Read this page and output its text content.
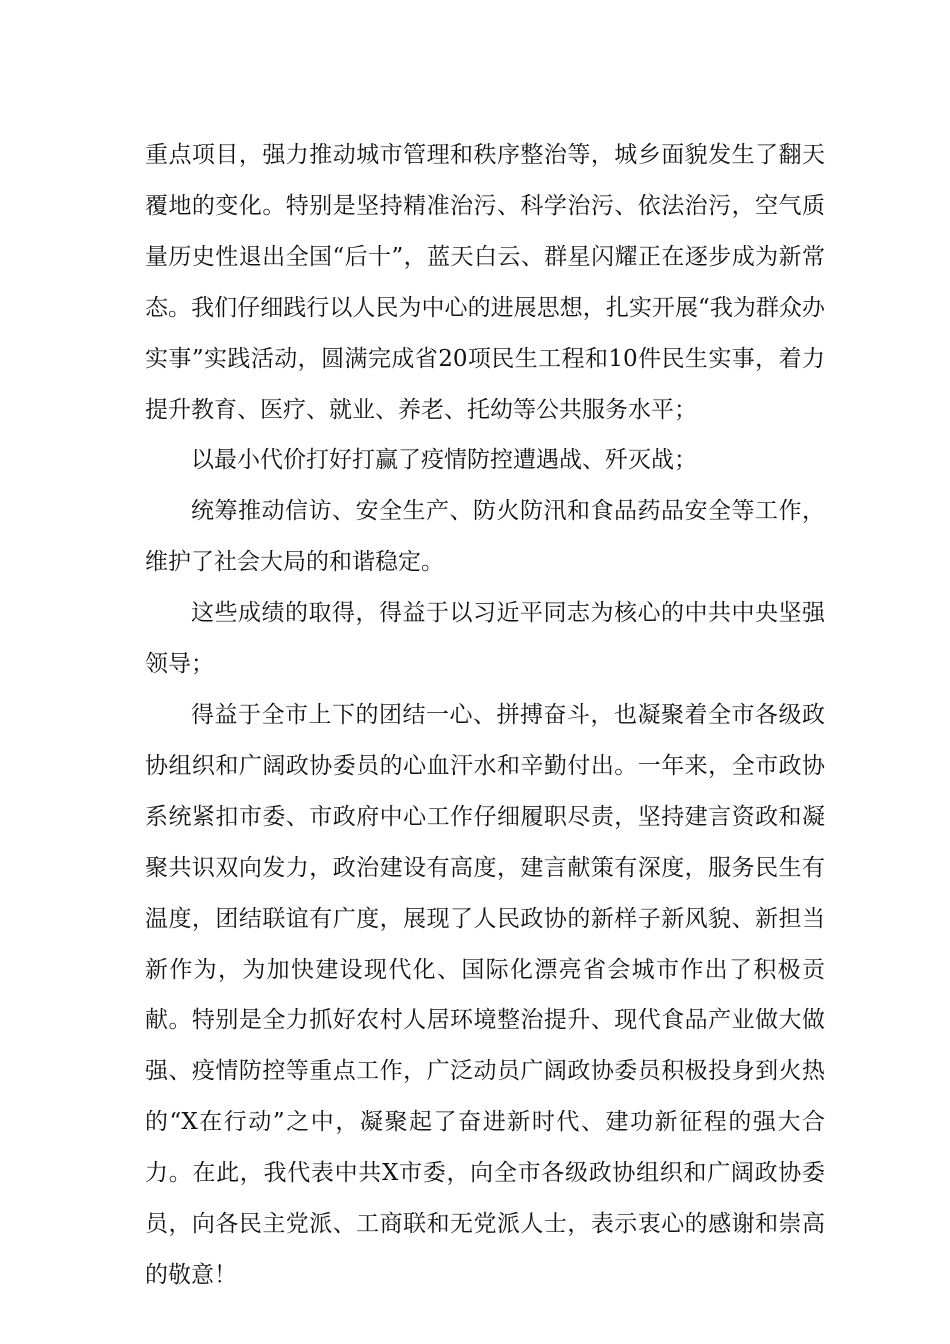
重点项目，强力推动城市管理和秩序整治等，城乡面貌发生了翻天覆地的变化。特别是坚持精准治污、科学治污、依法治污，空气质量历史性退出全国“后十”，蓝天白云、群星闪耀正在逐步成为新常态。我们仔细践行以人民为中心的进展思想，扎实开展“我为群众办实事”实践活动，圆满完成省20项民生工程和10件民生实事，着力提升教育、医疗、就业、养老、托幼等公共服务水平；

以最小代价打好打赢了疫情防控遭遇战、歼灭战；

统筹推动信访、安全生产、防火防汛和食品药品安全等工作，维护了社会大局的和谐稳定。

这些成绩的取得，得益于以习近平同志为核心的中共中央坚强领导；

得益于全市上下的团结一心、拼搏奋斗，也凝聚着全市各级政协组织和广阔政协委员的心血汗水和辛勤付出。一年来，全市政协系统紧扣市委、市政府中心工作仔细履职尽责，坚持建言资政和凝聚共识双向发力，政治建设有高度，建言献策有深度，服务民生有温度，团结联谊有广度，展现了人民政协的新样子新风貌、新担当新作为，为加快建设现代化、国际化漂亮省会城市作出了积极贡献。特别是全力抓好农村人居环境整治提升、现代食品产业做大做强、疫情防控等重点工作，广泛动员广阔政协委员积极投身到火热的“X在行动”之中，凝聚起了奋进新时代、建功新征程的强大合力。在此，我代表中共X市委，向全市各级政协组织和广阔政协委员，向各民主党派、工商联和无党派人士，表示衷心的感谢和崇高的敬意！
